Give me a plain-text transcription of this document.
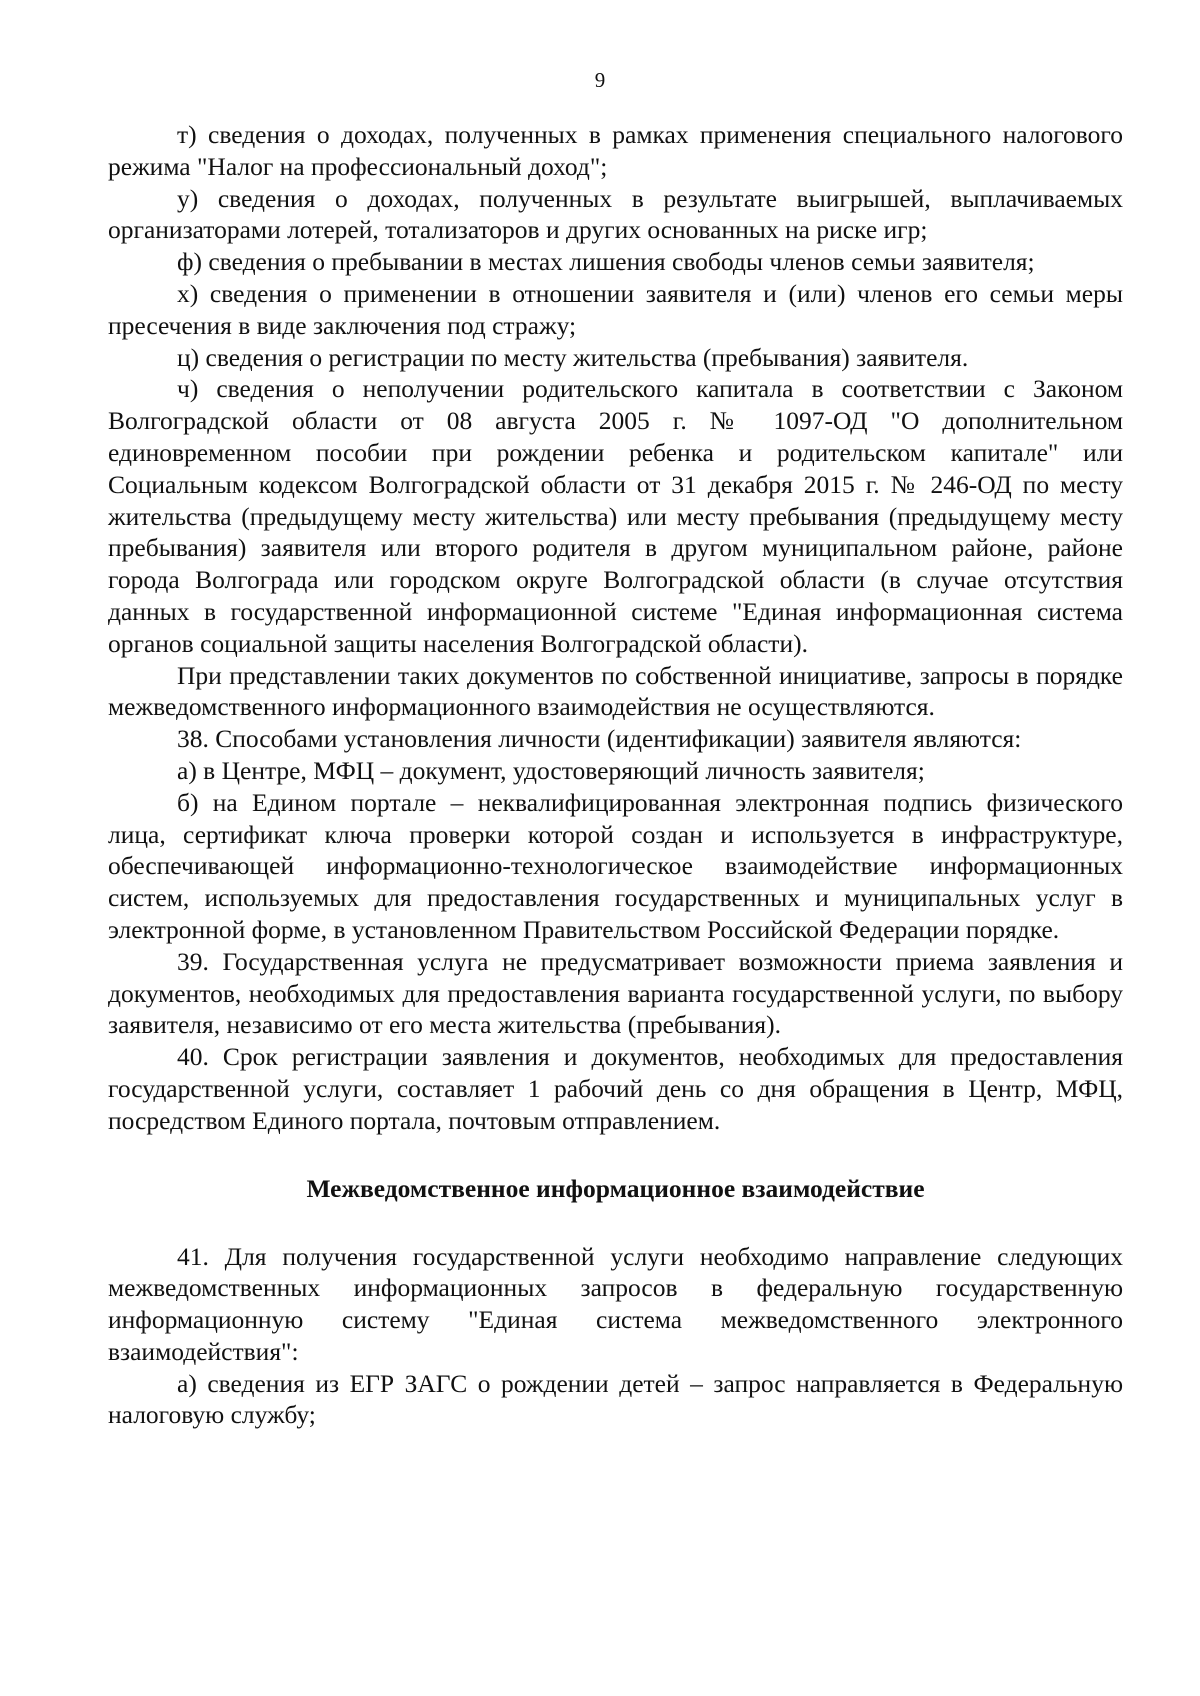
9

т) сведения о доходах, полученных в рамках применения специального налогового режима "Налог на профессиональный доход";

у) сведения о доходах, полученных в результате выигрышей, выплачиваемых организаторами лотерей, тотализаторов и других основанных на риске игр;

ф) сведения о пребывании в местах лишения свободы членов семьи заявителя;

х) сведения о применении в отношении заявителя и (или) членов его семьи меры пресечения в виде заключения под стражу;

ц) сведения о регистрации по месту жительства (пребывания) заявителя.

ч) сведения о неполучении родительского капитала в соответствии с Законом Волгоградской области от 08 августа 2005 г. № 1097-ОД "О дополнительном единовременном пособии при рождении ребенка и родительском капитале" или Социальным кодексом Волгоградской области от 31 декабря 2015 г. № 246-ОД по месту жительства (предыдущему месту жительства) или месту пребывания (предыдущему месту пребывания) заявителя или второго родителя в другом муниципальном районе, районе города Волгограда или городском округе Волгоградской области (в случае отсутствия данных в государственной информационной системе "Единая информационная система органов социальной защиты населения Волгоградской области).

При представлении таких документов по собственной инициативе, запросы в порядке межведомственного информационного взаимодействия не осуществляются.

38. Способами установления личности (идентификации) заявителя являются:

а) в Центре, МФЦ – документ, удостоверяющий личность заявителя;

б) на Едином портале – неквалифицированная электронная подпись физического лица, сертификат ключа проверки которой создан и используется в инфраструктуре, обеспечивающей информационно-технологическое взаимодействие информационных систем, используемых для предоставления государственных и муниципальных услуг в электронной форме, в установленном Правительством Российской Федерации порядке.

39. Государственная услуга не предусматривает возможности приема заявления и документов, необходимых для предоставления варианта государственной услуги, по выбору заявителя, независимо от его места жительства (пребывания).

40. Срок регистрации заявления и документов, необходимых для предоставления государственной услуги, составляет 1 рабочий день со дня обращения в Центр, МФЦ, посредством Единого портала, почтовым отправлением.

Межведомственное информационное взаимодействие

41. Для получения государственной услуги необходимо направление следующих межведомственных информационных запросов в федеральную государственную информационную систему "Единая система межведомственного электронного взаимодействия":

а) сведения из ЕГР ЗАГС о рождении детей – запрос направляется в Федеральную налоговую службу;
